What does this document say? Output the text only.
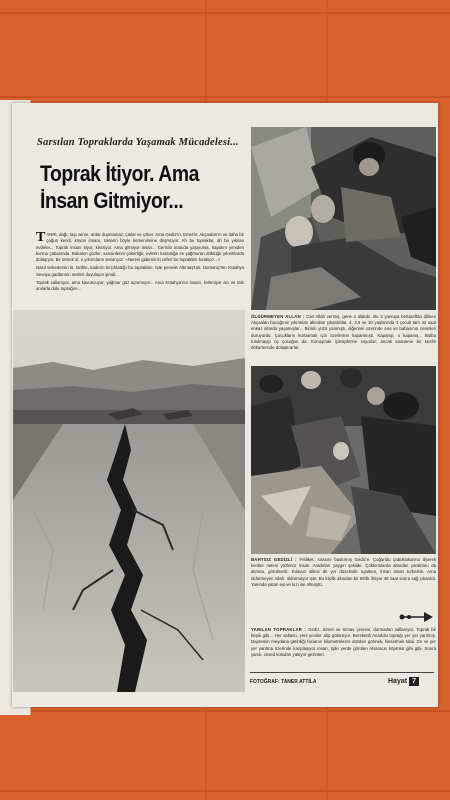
Sarsılan Topraklarda Yaşamak Mücadelesi...
Toprak İtiyor. Ama
İnsan Gitmiyor...

TANRI, dağı, taşı verse, ardar duymamaz; çatlar ve çöker. Ama Gediz'in, Emet'in, Akçaalan'ın ve daha bir çoğun kendi, köyün insanı, toklarin böyle kemenilmine düşmüyor. Ah bu topraklar, ah bu yıkılan evdeler... Toprak insanı itiyor, kimsiyor. Ama gitmiyor insan... Gerisiin inanıda yaşıyorsa, hayatını yeniden kurma çabasında. Bakalım gözler, sensinlerini çökertiğii, evlerin karanlığa ve yağmuran döktüğü yıkıntılarda dolaşıyor. Bir ütmek ol, o yıkıntıların sesarıyor: «Neresi gidersin ki ceferi bu toprakları bırakıp?...»

Nasıl terkedersin ki, tarihle, kaderin kırçıklattığı bu toprakları. İşte pervele Altıntaş'tan, Domaniç'ten Kütahya Sevaya gadlarının sesleri duyuluyor şimdi...

Toprak sallanıyor, ama kavuncuyor, yağmur göz açtırmıyor... Ama Kütahya'nın insanı, terkmiyor acı ve tatlı anılarla dolu toprağını...

ÖLDÜRMEYEN ALLAH : Can Allah vermiş, gene o alakdır. Bu 3 yavruya bertaraftan dilinen Akçaalan bucağının yıkıntıları altından çıkarıldılar. 4, 3,5 ve 10 yaşlarında 3 çocuk tam 42 saat enkaz altında yaşamışlar... Birinin yüzü yanmıştı, diğerinin üzerinde ana ve babasının cesetleri duruyordu. Çocukların kurtarmak için üzerlerine kapanmıştı. Kapanıp, o kapanış... Bulbu tutulmayıp üç çocuğun da. Konuşmak içinsiplerine soyorlar; ancak ananeme bir kesfin dökürlerinde dolaştırarlar.
BAHTSIZ GEDİZLİ : Felâket, sırasını bastırmış Gediz'e. Çoğundu çabuklukarına ilişerek kentler nefesi yüzlerce insan. Aradırları yaygın şekilde. Çökkıntılarda altından yaralılarıı da alınma, görülmeliz. Kılavuz silinsi de yer düzelinde uyarken, insan insan turbelsin. Ama öldürmeyen Allah, öldürmüyor işte. Bu kişilik altından bir 65'lik ihtiyar 48 saat sonra sağ çıkarıldı. Yanında yatan eşi ve kızı ise ölmüştü.
YARILAN TOPRAKLAR : Gediz, Simet ve Simav çevresi, durmadan sallanıyor. Toprak bir beşik gibi... Her sallantı, yeni yeniler alıp götürüyor. Berekettli Anadolu toprağı yer yer yarılmış. Depremin meydana getirdiği facianın kilometrelerce düzden görmek, hissetmek tabii. Ge ve yer yer yarılma üzerinde karşılaşıyor insan; tıpkı yerde görülen Alsaracıs köprüsü gibi gibi. Sonra yanık, cesed kokuları yakıyor gezinleri.
FOTOĞRAF: TANER ATTİLA	Hayat 7
